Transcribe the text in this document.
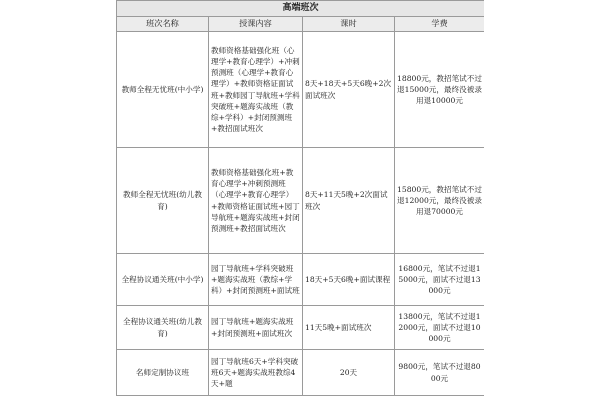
高端班次			
班次名称	授课内容	课时	学费
教师全程无忧班(中小学)	教师资格基础强化班（心理学+教育心理学）+冲刺预测班（心理学+教育心理学）+教师资格证面试班+教师园丁导航班+学科突破班+题海实战班（教综+学科）+封闭预测班+教招面试班次	8天+18天+5天6晚+2次面试班次	18800元，教招笔试不过退15000元，最终没被录用退10000元
教师全程无忧班(幼儿教育)	教师资格基础强化班+教育心理学+冲刺预测班（心理学+教育心理学）+教师资格证面试班+园丁导航班+题海实战班+封闭预测班+教招面试班次	8天+11天5晚+2次面试班次	15800元，教招笔试不过退12000元，最终没被录用退70000元
全程协议通关班(中小学)	园丁导航班+学科突破班+题海实战班（教综+学科）+封闭预测班+面试班	18天+5天6晚+面试课程	16800元，笔试不过退15000元，面试不过退13000元
全程协议通关班(幼儿教育)	园丁导航班+题海实战班+封闭预测班+面试班次	11天5晚+面试班次	13800元，笔试不过退12000元，面试不过退10000元
名师定制协议班	园丁导航班6天+学科突破班6天+题海实战班教综4天+题	20天	9800元，笔试不过退8000元
